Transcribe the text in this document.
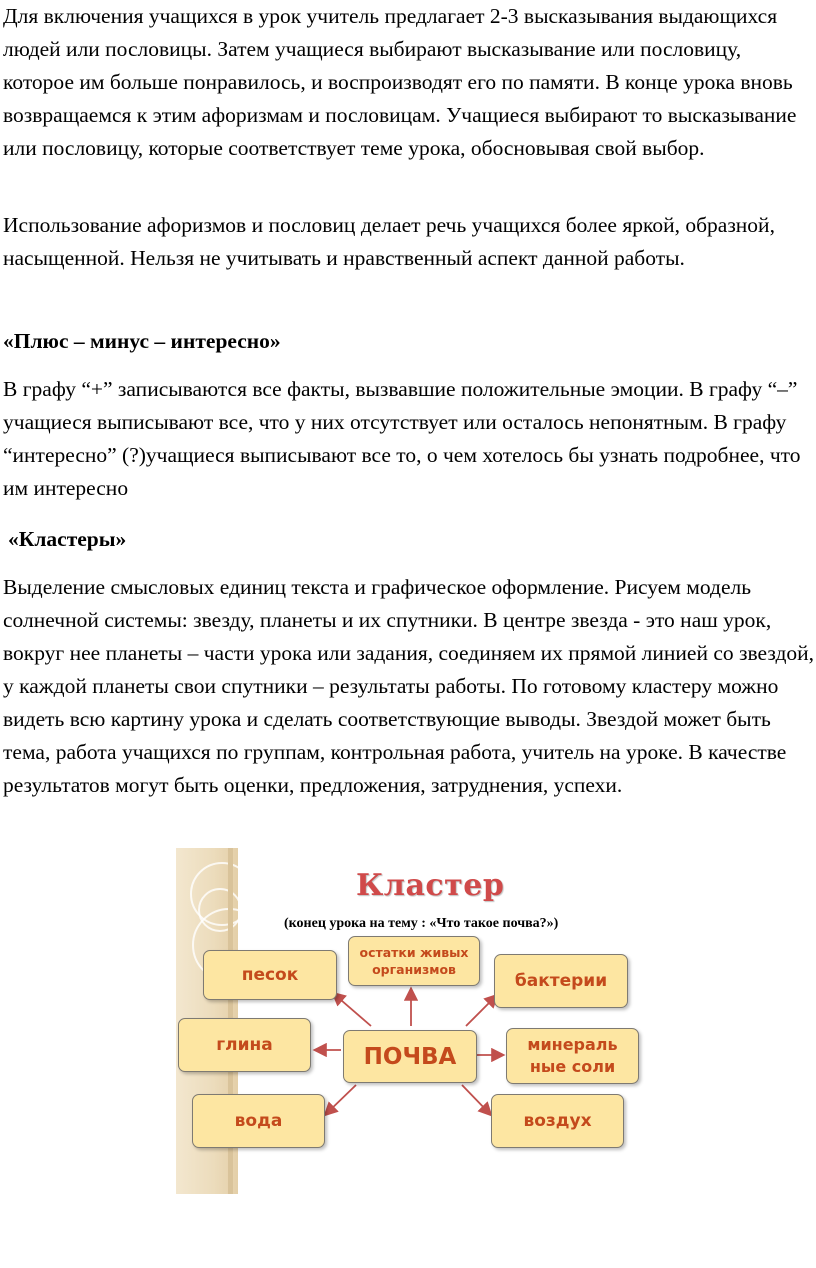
Для включения учащихся в урок учитель предлагает 2-3 высказывания выдающихся людей или пословицы. Затем учащиеся выбирают высказывание или пословицу, которое им больше понравилось, и воспроизводят его по памяти. В конце урока вновь возвращаемся к этим афоризмам и пословицам. Учащиеся выбирают то высказывание или пословицу, которые соответствует теме урока, обосновывая свой выбор.

Использование афоризмов и пословиц делает речь учащихся более яркой, образной, насыщенной. Нельзя не учитывать и нравственный аспект данной работы.

«Плюс – минус – интересно»

В графу “+” записываются все факты, вызвавшие положительные эмоции. В графу “–” учащиеся выписывают все, что у них отсутствует или осталось непонятным. В графу “интересно” (?)учащиеся выписывают все то, о чем хотелось бы узнать подробнее, что им интересно

«Кластеры»

Выделение смысловых единиц текста и графическое оформление. Рисуем модель солнечной системы: звезду, планеты и их спутники. В центре звезда - это наш урок, вокруг нее планеты – части урока или задания, соединяем их прямой линией со звездой, у каждой планеты свои спутники – результаты работы. По готовому кластеру можно видеть всю картину урока и сделать соответствующие выводы. Звездой может быть тема, работа учащихся по группам, контрольная работа, учитель на уроке. В качестве результатов могут быть оценки, предложения, затруднения, успехи.

Кластер
(конец урока на тему : «Что такое почва?»)
песок
остатки живых
организмов
бактерии
глина	ПОЧВА	минераль
ные соли
вода	воздух
